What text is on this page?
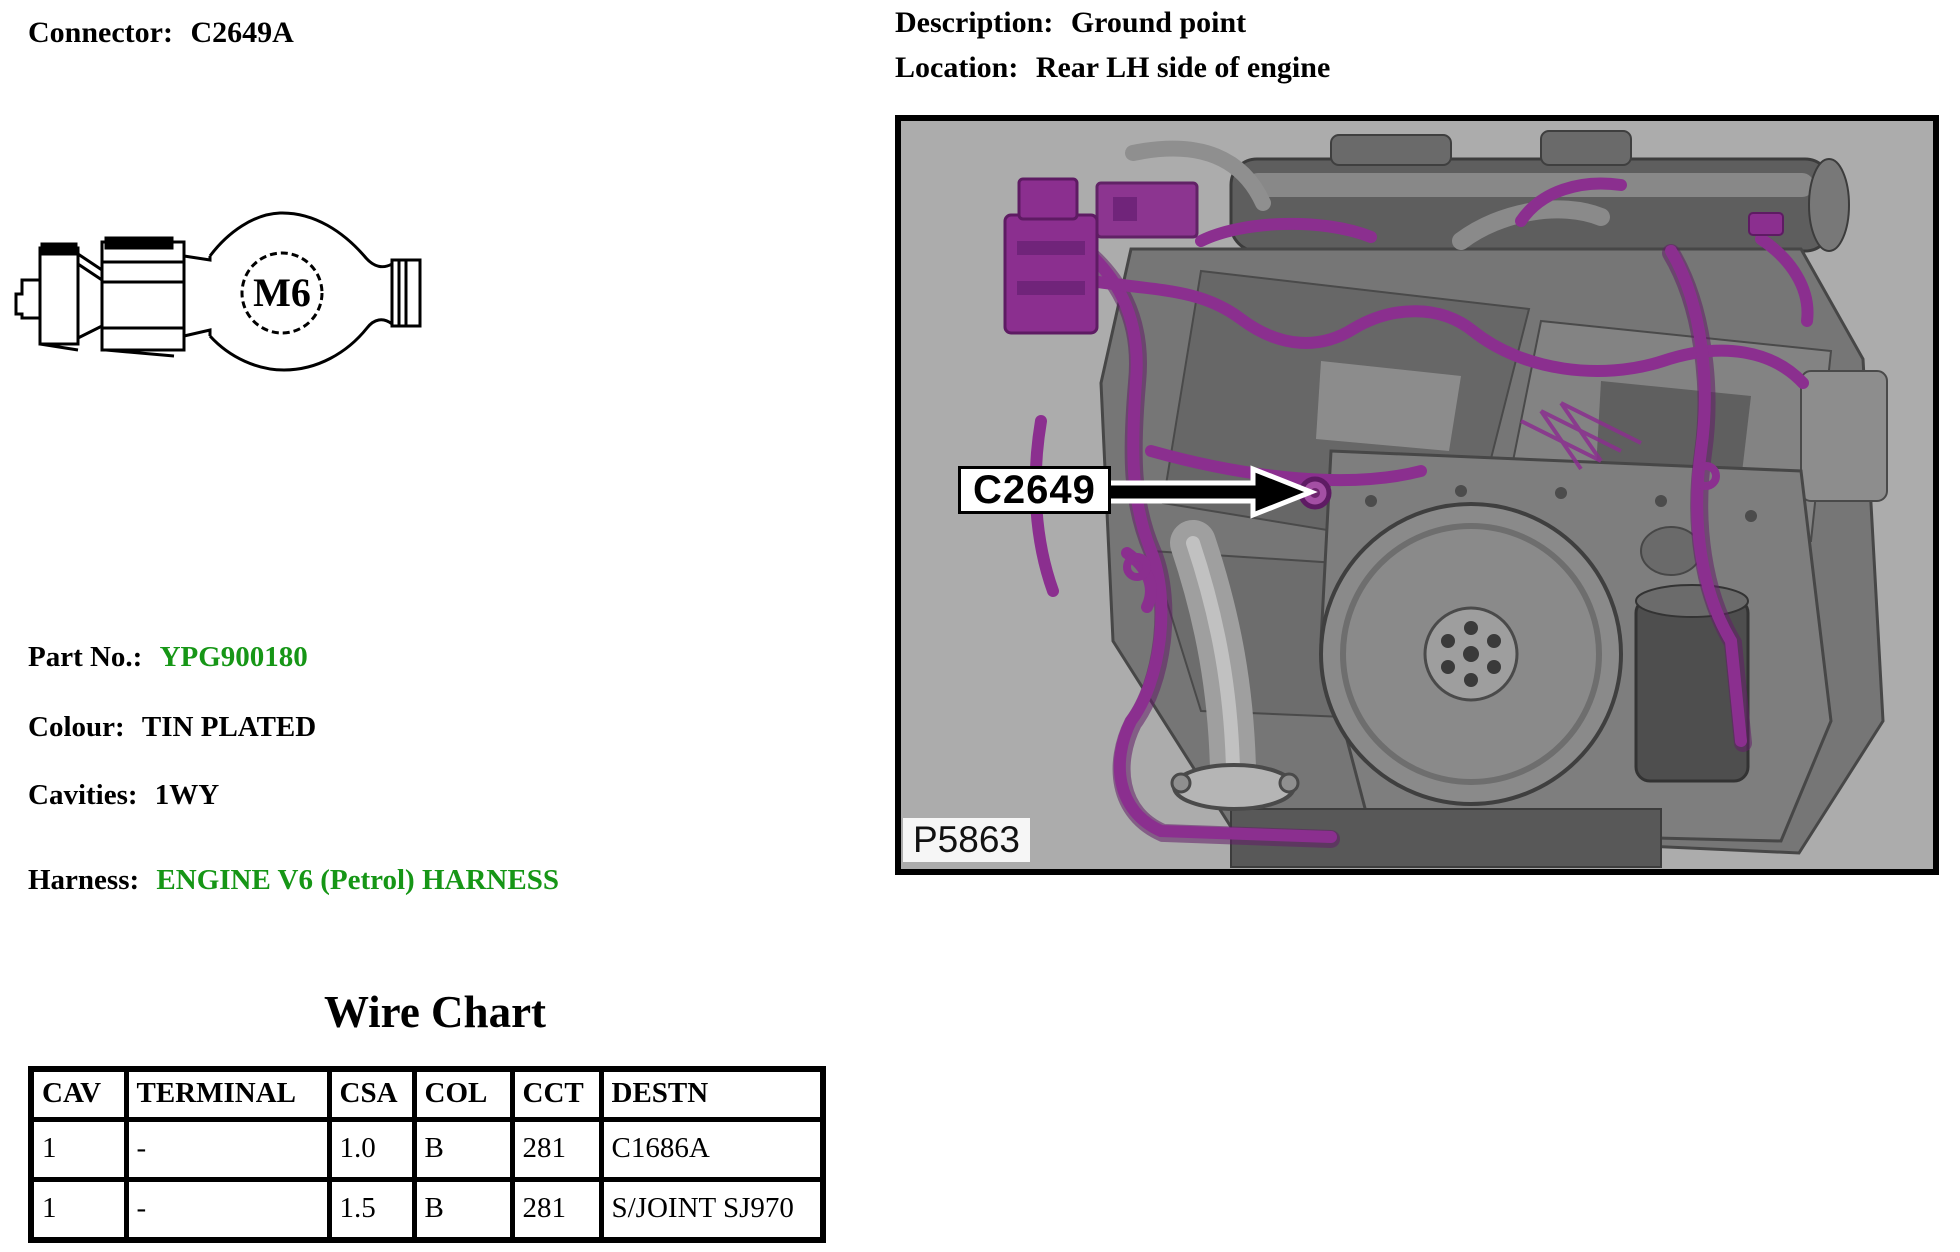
Connector: C2649A
M6
Part No.: YPG900180
Colour: TIN PLATED
Cavities: 1WY
Harness: ENGINE V6 (Petrol) HARNESS
Wire Chart
CAV	TERMINAL	CSA	COL	CCT	DESTN
1	-	1.0	B	281	C1686A
1	-	1.5	B	281	S/JOINT SJ970
Description: Ground point
Location: Rear LH side of engine
C2649
P5863
